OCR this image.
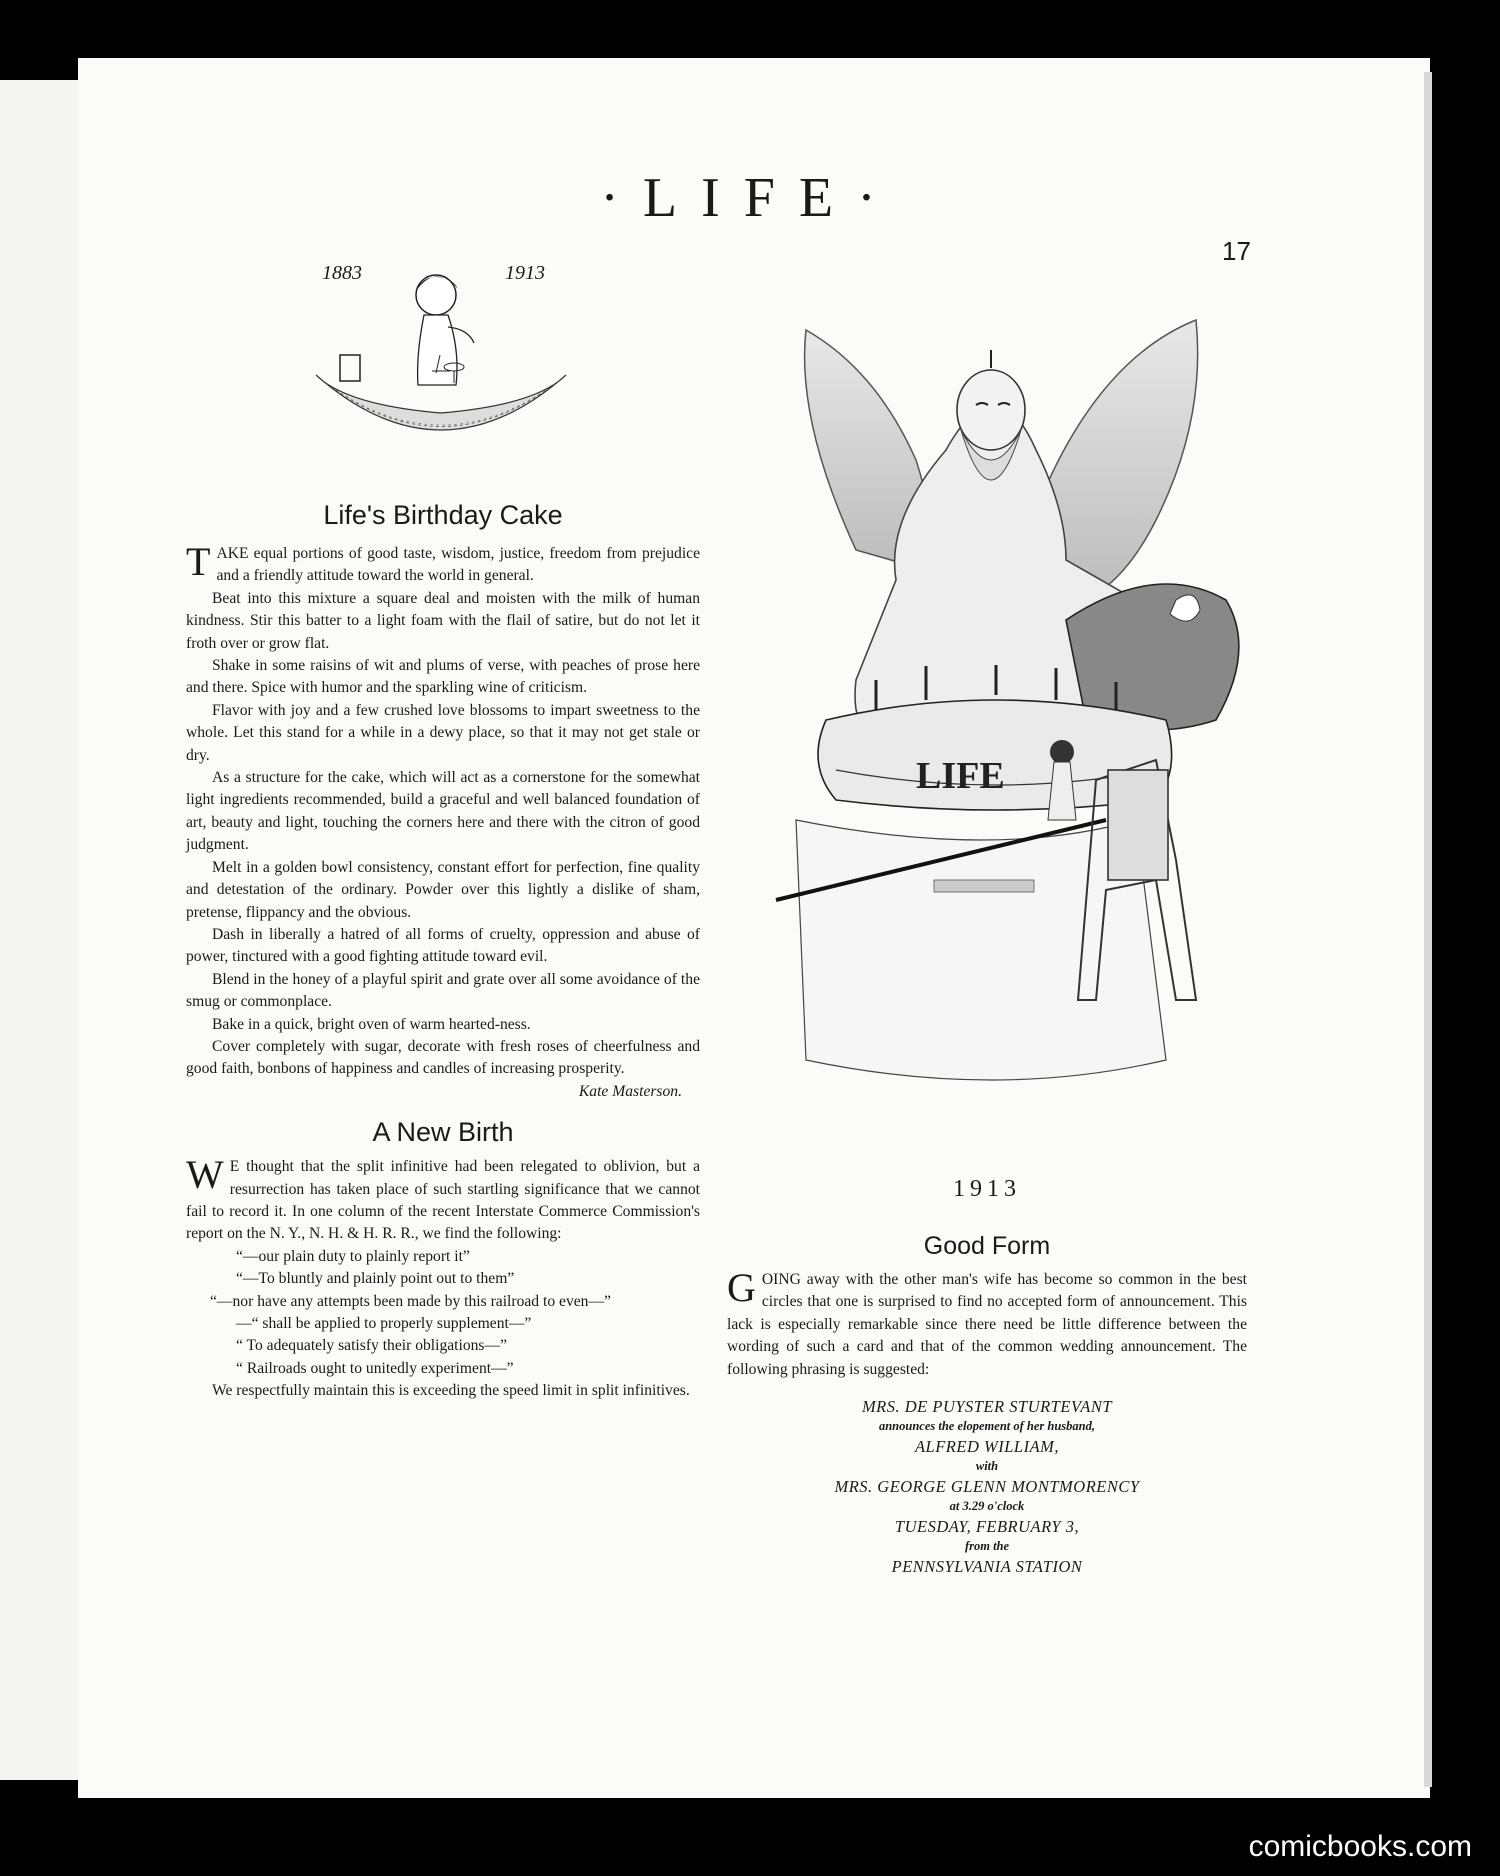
·LIFE·
17
1883	1913
Life's Birthday Cake

TAKE equal portions of good taste, wisdom, justice, freedom from prejudice and a friendly attitude toward the world in general.

Beat into this mixture a square deal and moisten with the milk of human kindness. Stir this batter to a light foam with the flail of satire, but do not let it froth over or grow flat.

Shake in some raisins of wit and plums of verse, with peaches of prose here and there. Spice with humor and the sparkling wine of criticism.

Flavor with joy and a few crushed love blossoms to impart sweetness to the whole. Let this stand for a while in a dewy place, so that it may not get stale or dry.

As a structure for the cake, which will act as a cornerstone for the somewhat light ingredients recommended, build a graceful and well balanced foundation of art, beauty and light, touching the corners here and there with the citron of good judgment.

Melt in a golden bowl consistency, constant effort for perfection, fine quality and detestation of the ordinary. Powder over this lightly a dislike of sham, pretense, flippancy and the obvious.

Dash in liberally a hatred of all forms of cruelty, oppression and abuse of power, tinctured with a good fighting attitude toward evil.

Blend in the honey of a playful spirit and grate over all some avoidance of the smug or commonplace.

Bake in a quick, bright oven of warm hearted-ness.

Cover completely with sugar, decorate with fresh roses of cheerfulness and good faith, bonbons of happiness and candles of increasing prosperity.
Kate Masterson.

A New Birth

W E thought that the split infinitive had been relegated to oblivion, but a resurrection has taken place of such startling significance that we cannot fail to record it. In one column of the recent Interstate Commerce Commission's report on the N. Y., N. H. & H. R. R., we find the following:

“—our plain duty to plainly report it”

“—To bluntly and plainly point out to them”

“—nor have any attempts been made by this railroad to even—”

—“ shall be applied to properly supplement—”

“ To adequately satisfy their obligations—”

“ Railroads ought to unitedly experiment—”

We respectfully maintain this is exceeding the speed limit in split infinitives.

LIFE
1913
Good Form

GOING away with the other man's wife has become so common in the best circles that one is surprised to find no accepted form of announcement. This lack is especially remarkable since there need be little difference between the wording of such a card and that of the common wedding announcement. The following phrasing is suggested:

MRS. DE PUYSTER STURTEVANT
announces the elopement of her husband,
ALFRED WILLIAM,
with
MRS. GEORGE GLENN MONTMORENCY
at 3.29 o'clock
TUESDAY, FEBRUARY 3,
from the
PENNSYLVANIA STATION
comicbooks.com
